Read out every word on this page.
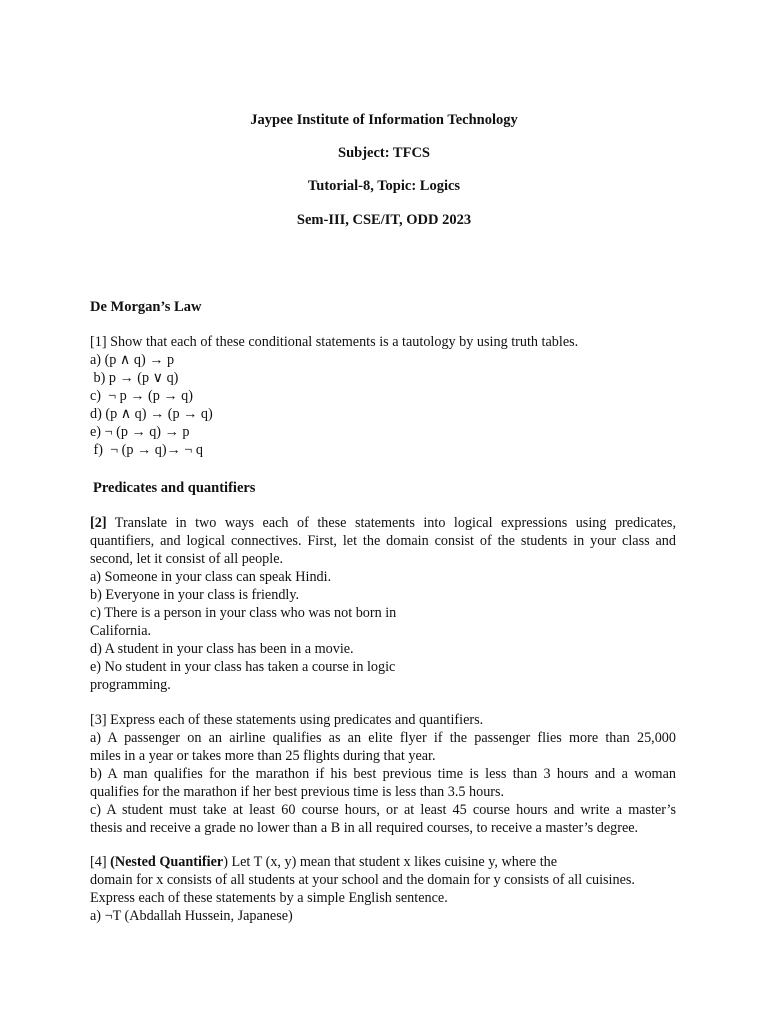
Jaypee Institute of Information Technology
Subject: TFCS
Tutorial-8, Topic: Logics
Sem-III, CSE/IT, ODD 2023
De Morgan’s Law
[1] Show that each of these conditional statements is a tautology by using truth tables.
a) (p ∧ q) → p
b) p → (p ∨ q)
c)  ¬ p → (p → q)
d) (p ∧ q) → (p → q)
e) ¬ (p → q) → p
f)  ¬ (p → q)→ ¬ q
Predicates and quantifiers
[2] Translate in two ways each of these statements into logical expressions using predicates,
quantifiers, and logical connectives. First, let the domain consist of the students in your class and
second, let it consist of all people.
a) Someone in your class can speak Hindi.
b) Everyone in your class is friendly.
c) There is a person in your class who was not born in
California.
d) A student in your class has been in a movie.
e) No student in your class has taken a course in logic
programming.
[3] Express each of these statements using predicates and quantifiers.
a) A passenger on an airline qualifies as an elite flyer if the passenger flies more than 25,000
miles in a year or takes more than 25 flights during that year.
b) A man qualifies for the marathon if his best previous time is less than 3 hours and a woman
qualifies for the marathon if her best previous time is less than 3.5 hours.
c) A student must take at least 60 course hours, or at least 45 course hours and write a master’s
thesis and receive a grade no lower than a B in all required courses, to receive a master’s degree.
[4] (Nested Quantifier) Let T (x, y) mean that student x likes cuisine y, where the
domain for x consists of all students at your school and the domain for y consists of all cuisines.
Express each of these statements by a simple English sentence.
a) ¬T (Abdallah Hussein, Japanese)
